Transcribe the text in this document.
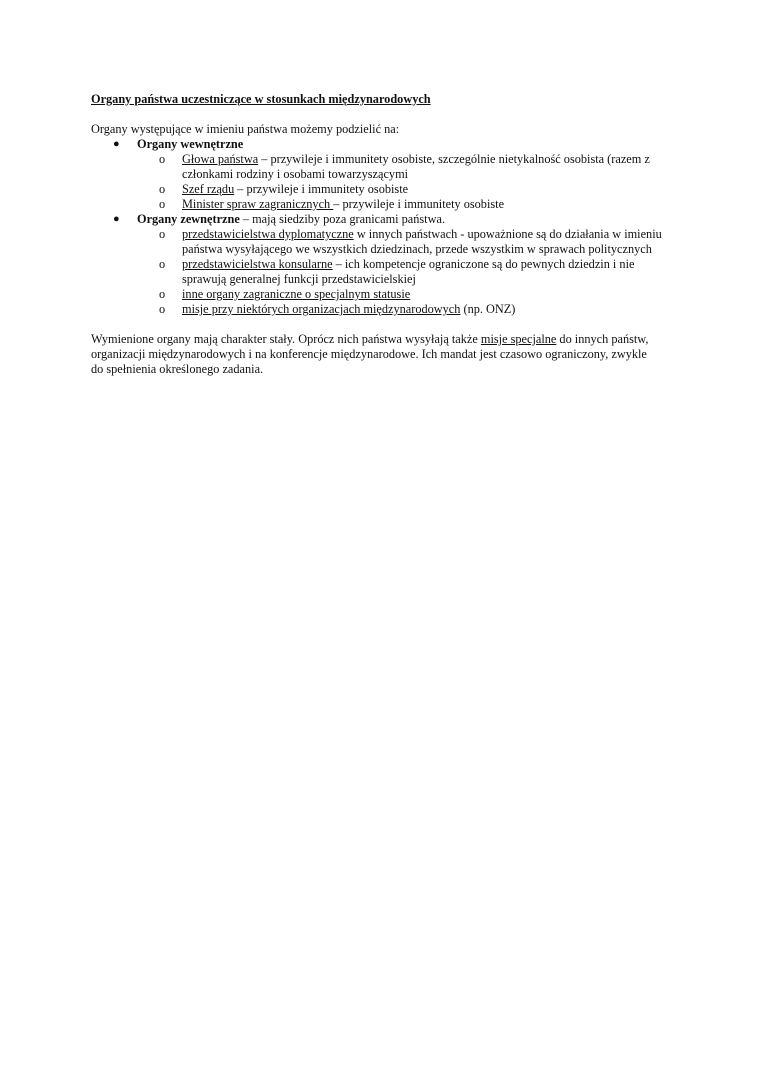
Organy państwa uczestniczące w stosunkach międzynarodowych

Organy występujące w imieniu państwa możemy podzielić na:

● Organy wewnętrzne
o Głowa państwa – przywileje i immunitety osobiste, szczególnie nietykalność osobista (razem z członkami rodziny i osobami towarzyszącymi
o Szef rządu – przywileje i immunitety osobiste
o Minister spraw zagranicznych – przywileje i immunitety osobiste
● Organy zewnętrzne – mają siedziby poza granicami państwa.
o przedstawicielstwa dyplomatyczne w innych państwach - upoważnione są do działania w imieniu państwa wysyłającego we wszystkich dziedzinach, przede wszystkim w sprawach politycznych
o przedstawicielstwa konsularne – ich kompetencje ograniczone są do pewnych dziedzin i nie sprawują generalnej funkcji przedstawicielskiej
o inne organy zagraniczne o specjalnym statusie
o misje przy niektórych organizacjach międzynarodowych (np. ONZ)

Wymienione organy mają charakter stały. Oprócz nich państwa wysyłają także misje specjalne do innych państw, organizacji międzynarodowych i na konferencje międzynarodowe. Ich mandat jest czasowo ograniczony, zwykle do spełnienia określonego zadania.
